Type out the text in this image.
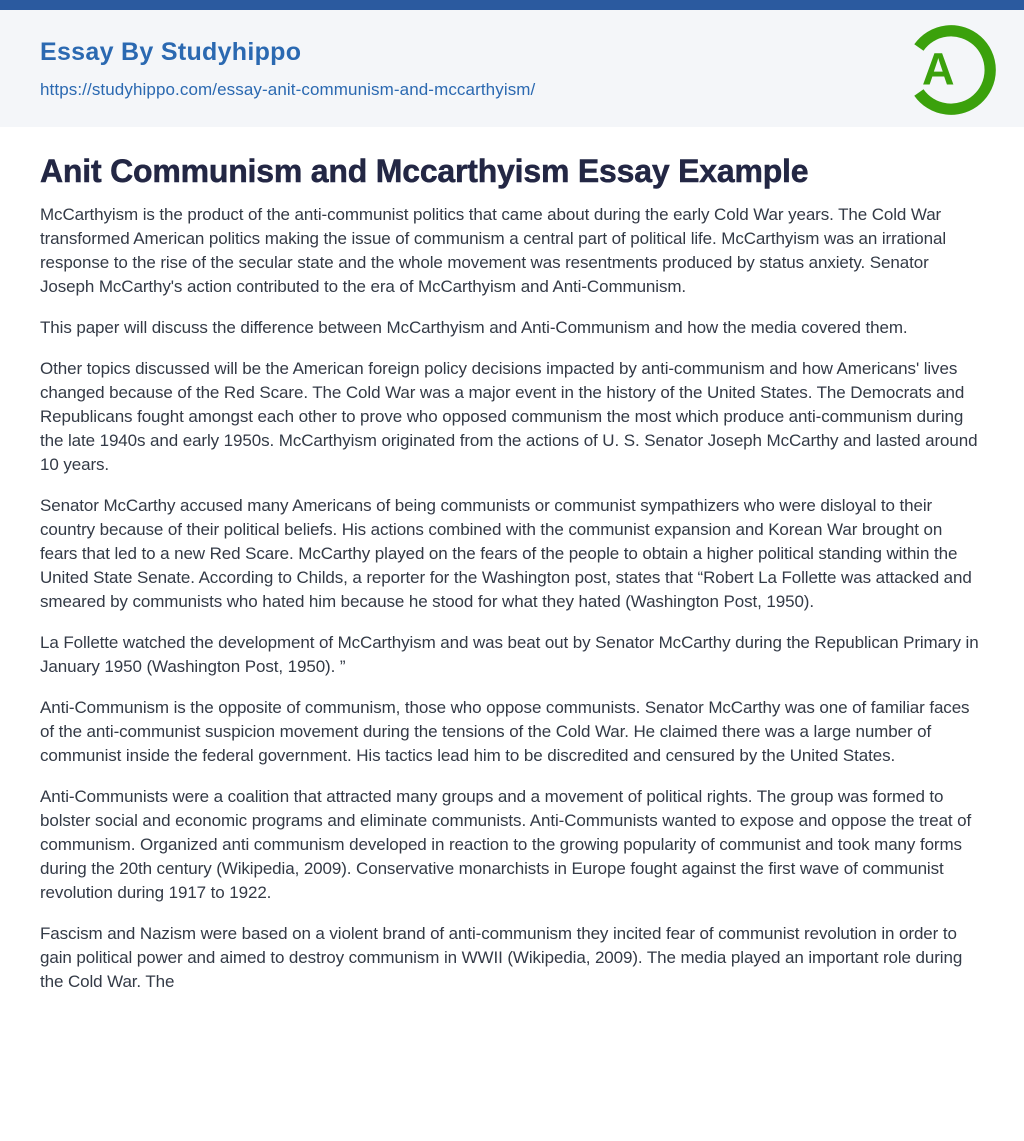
Essay By Studyhippo
https://studyhippo.com/essay-anit-communism-and-mccarthyism/	A
Anit Communism and Mccarthyism Essay Example

McCarthyism is the product of the anti-communist politics that came about during the early Cold War years. The Cold War transformed American politics making the issue of communism a central part of political life. McCarthyism was an irrational response to the rise of the secular state and the whole movement was resentments produced by status anxiety. Senator Joseph McCarthy's action contributed to the era of McCarthyism and Anti-Communism.

This paper will discuss the difference between McCarthyism and Anti-Communism and how the media covered them.

Other topics discussed will be the American foreign policy decisions impacted by anti-communism and how Americans' lives changed because of the Red Scare. The Cold War was a major event in the history of the United States. The Democrats and Republicans fought amongst each other to prove who opposed communism the most which produce anti-communism during the late 1940s and early 1950s. McCarthyism originated from the actions of U. S. Senator Joseph McCarthy and lasted around 10 years.

Senator McCarthy accused many Americans of being communists or communist sympathizers who were disloyal to their country because of their political beliefs. His actions combined with the communist expansion and Korean War brought on fears that led to a new Red Scare. McCarthy played on the fears of the people to obtain a higher political standing within the United State Senate. According to Childs, a reporter for the Washington post, states that “Robert La Follette was attacked and smeared by communists who hated him because he stood for what they hated (Washington Post, 1950).

La Follette watched the development of McCarthyism and was beat out by Senator McCarthy during the Republican Primary in January 1950 (Washington Post, 1950). ”

Anti-Communism is the opposite of communism, those who oppose communists. Senator McCarthy was one of familiar faces of the anti-communist suspicion movement during the tensions of the Cold War. He claimed there was a large number of communist inside the federal government. His tactics lead him to be discredited and censured by the United States.

Anti-Communists were a coalition that attracted many groups and a movement of political rights. The group was formed to bolster social and economic programs and eliminate communists. Anti-Communists wanted to expose and oppose the treat of communism. Organized anti communism developed in reaction to the growing popularity of communist and took many forms during the 20th century (Wikipedia, 2009). Conservative monarchists in Europe fought against the first wave of communist revolution during 1917 to 1922.

Fascism and Nazism were based on a violent brand of anti-communism they incited fear of communist revolution in order to gain political power and aimed to destroy communism in WWII (Wikipedia, 2009). The media played an important role during the Cold War. The
